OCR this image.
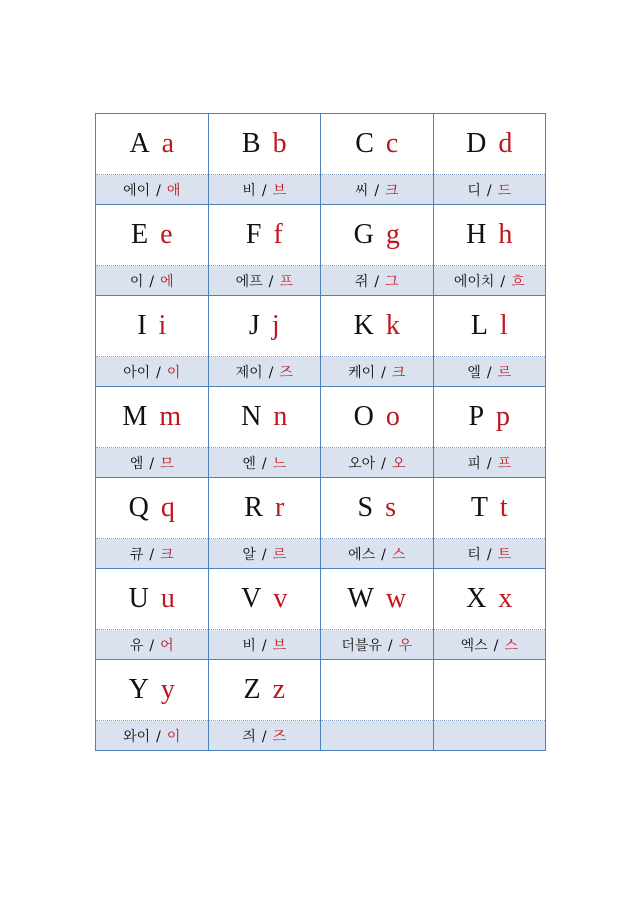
A a	B b	C c	D d
에이 / 애	비 / 브	씨 / 크	디 / 드
E e	F f	G g	H h
이 / 에	에프 / 프	쥐 / 그	에이치 / 흐
I i	J j	K k	L l
아이 / 이	제이 / 즈	케이 / 크	엘 / 르
M m	N n	O o	P p
엠 / 므	엔 / 느	오아 / 오	피 / 프
Q q	R r	S s	T t
큐 / 크	알 / 르	에스 / 스	티 / 트
U u	V v	W w	X x
유 / 어	비 / 브	더블유 / 우	엑스 / 스
Y y	Z z		
와이 / 이	즤 / 즈		
